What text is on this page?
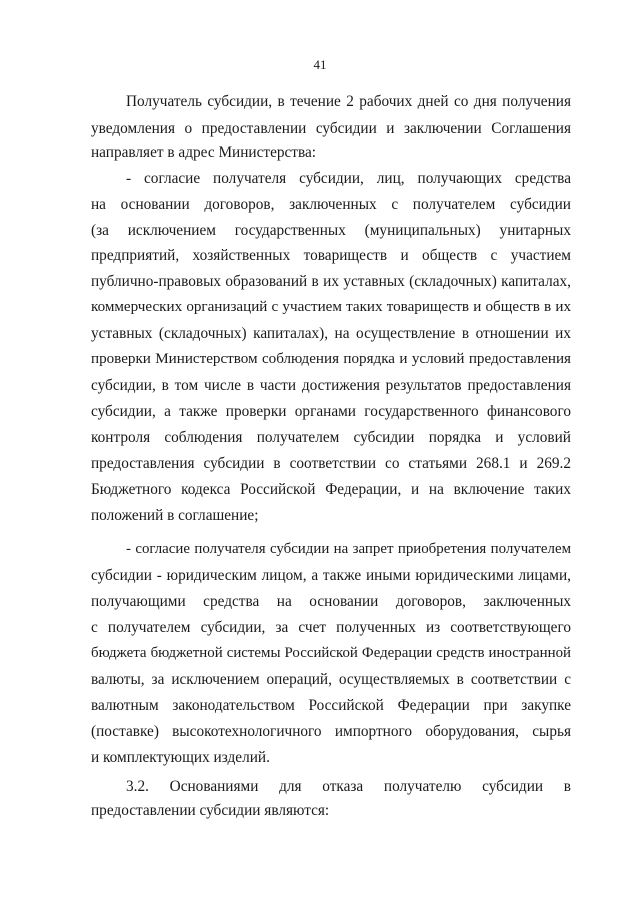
41
Получатель субсидии, в течение 2 рабочих дней со дня получения
уведомления о предоставлении субсидии и заключении Соглашения
направляет в адрес Министерства:
- согласие получателя субсидии, лиц, получающих средства
на основании договоров, заключенных с получателем субсидии
(за исключением государственных (муниципальных) унитарных
предприятий, хозяйственных товариществ и обществ с участием
публично-правовых образований в их уставных (складочных) капиталах,
коммерческих организаций с участием таких товариществ и обществ в их
уставных (складочных) капиталах), на осуществление в отношении их
проверки Министерством соблюдения порядка и условий предоставления
субсидии, в том числе в части достижения результатов предоставления
субсидии, а также проверки органами государственного финансового
контроля соблюдения получателем субсидии порядка и условий
предоставления субсидии в соответствии со статьями 268.1 и 269.2
Бюджетного кодекса Российской Федерации, и на включение таких
положений в соглашение;
- согласие получателя субсидии на запрет приобретения получателем
субсидии - юридическим лицом, а также иными юридическими лицами,
получающими средства на основании договоров, заключенных
с получателем субсидии, за счет полученных из соответствующего
бюджета бюджетной системы Российской Федерации средств иностранной
валюты, за исключением операций, осуществляемых в соответствии с
валютным законодательством Российской Федерации при закупке
(поставке) высокотехнологичного импортного оборудования, сырья
и комплектующих изделий.
3.2. Основаниями для отказа получателю субсидии в
предоставлении субсидии являются:
